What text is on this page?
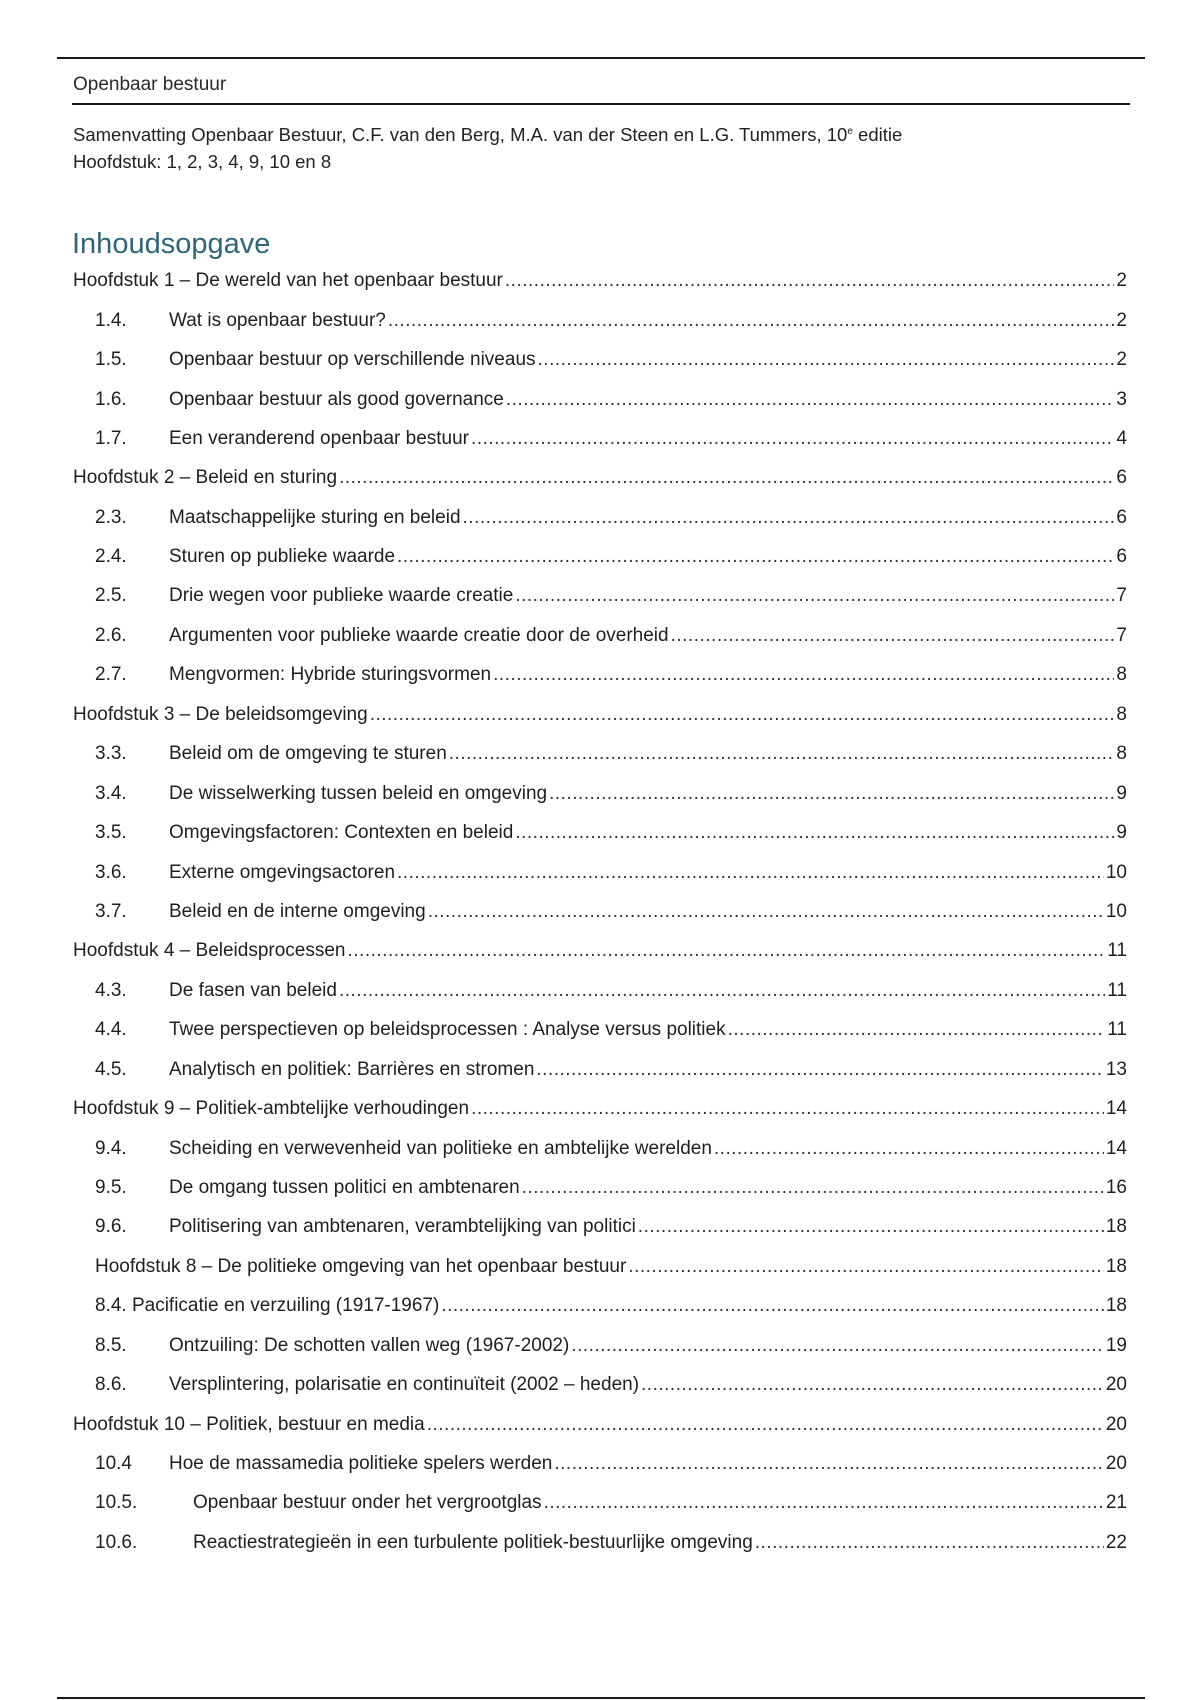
Openbaar bestuur
Samenvatting Openbaar Bestuur, C.F. van den Berg, M.A. van der Steen en L.G. Tummers, 10e editie
Hoofdstuk: 1, 2, 3, 4, 9, 10 en 8
Inhoudsopgave
Hoofdstuk 1 – De wereld van het openbaar bestuur .....	2
1.4.	Wat is openbaar bestuur? .....	2
1.5.	Openbaar bestuur op verschillende niveaus .....	2
1.6.	Openbaar bestuur als good governance .....	3
1.7.	Een veranderend openbaar bestuur .....	4
Hoofdstuk 2 – Beleid en sturing .....	6
2.3.	Maatschappelijke sturing en beleid .....	6
2.4.	Sturen op publieke waarde .....	6
2.5.	Drie wegen voor publieke waarde creatie .....	7
2.6.	Argumenten voor publieke waarde creatie door de overheid .....	7
2.7.	Mengvormen: Hybride sturingsvormen .....	8
Hoofdstuk 3 – De beleidsomgeving .....	8
3.3.	Beleid om de omgeving te sturen .....	8
3.4.	De wisselwerking tussen beleid en omgeving .....	9
3.5.	Omgevingsfactoren: Contexten en beleid .....	9
3.6.	Externe omgevingsactoren .....	10
3.7.	Beleid en de interne omgeving .....	10
Hoofdstuk 4 – Beleidsprocessen .....	11
4.3.	De fasen van beleid .....	11
4.4.	Twee perspectieven op beleidsprocessen : Analyse versus politiek .....	11
4.5.	Analytisch en politiek: Barrières en stromen .....	13
Hoofdstuk 9 – Politiek-ambtelijke verhoudingen .....	14
9.4.	Scheiding en verwevenheid van politieke en ambtelijke werelden .....	14
9.5.	De omgang tussen politici en ambtenaren .....	16
9.6.	Politisering van ambtenaren, verambtelijking van politici .....	18
Hoofdstuk 8 – De politieke omgeving van het openbaar bestuur .....	18
8.4. Pacificatie en verzuiling (1917-1967) .....	18
8.5.	Ontzuiling: De schotten vallen weg (1967-2002) .....	19
8.6.	Versplintering, polarisatie en continuïteit (2002 – heden) .....	20
Hoofdstuk 10 – Politiek, bestuur en media .....	20
10.4	Hoe de massamedia politieke spelers werden .....	20
10.5.	Openbaar bestuur onder het vergrootglas .....	21
10.6.	Reactiestrategieën in een turbulente politiek-bestuurlijke omgeving .....	22
